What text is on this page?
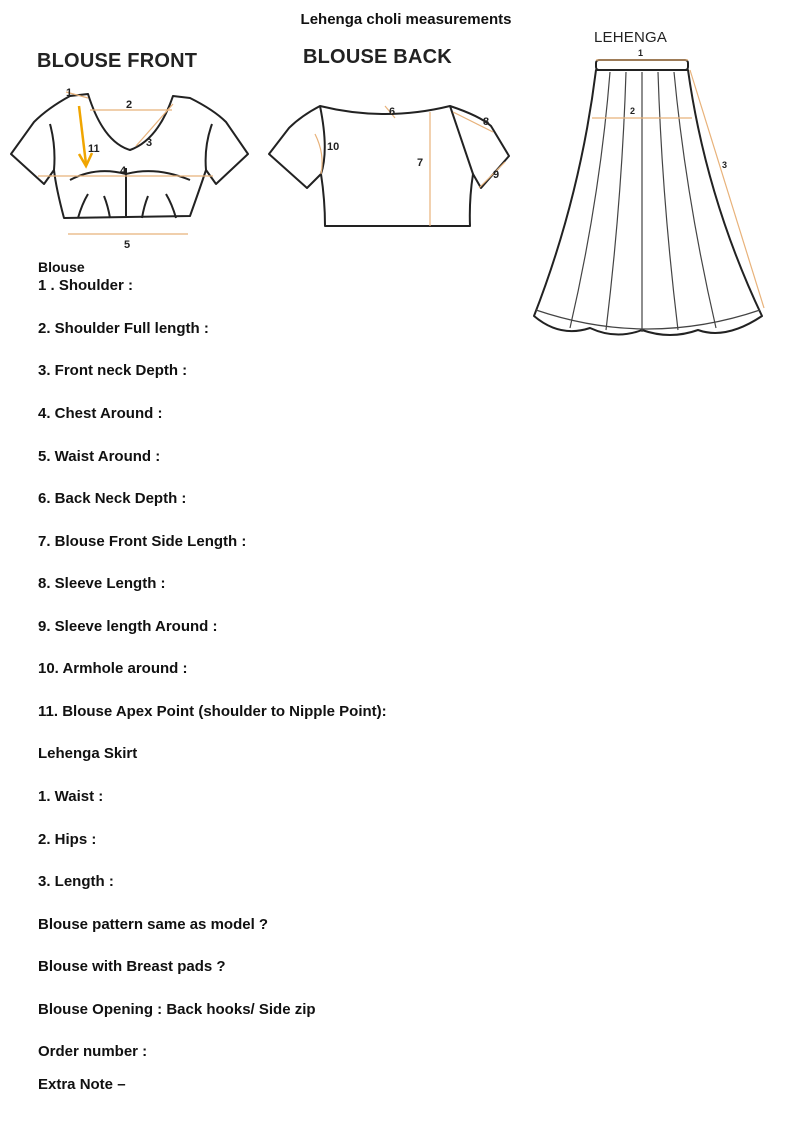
Lehenga choli measurements
BLOUSE FRONT	BLOUSE BACK
LEHENGA
1
2
3
4
5
11
6
7
8
9
10
1
2
3
Blouse
1 . Shoulder :
2. Shoulder Full length :
3. Front neck Depth :
4. Chest Around :
5. Waist Around :
6. Back Neck Depth :
7. Blouse Front Side Length :
8. Sleeve Length :
9. Sleeve length Around :
10. Armhole around :
11. Blouse Apex Point (shoulder to Nipple Point):
Lehenga Skirt
1. Waist :
2. Hips :
3. Length :
Blouse pattern same as model ?
Blouse with Breast pads ?
Blouse Opening : Back hooks/ Side zip
Order number :
Extra Note –
